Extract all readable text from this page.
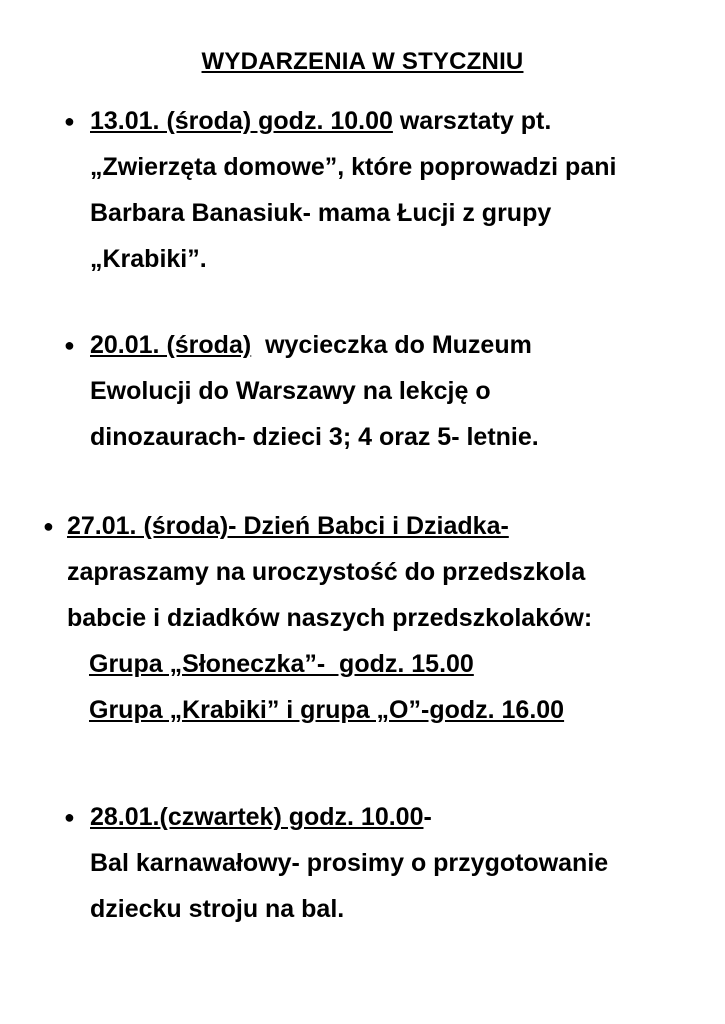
WYDARZENIA W STYCZNIU
● 13.01. (środa) godz. 10.00 warsztaty pt.
„Zwierzęta domowe”, które poprowadzi pani
Barbara Banasiuk- mama Łucji z grupy
„Krabiki”.
● 20.01. (środa)  wycieczka do Muzeum
Ewolucji do Warszawy na lekcję o
dinozaurach- dzieci 3; 4 oraz 5- letnie.
● 27.01. (środa)- Dzień Babci i Dziadka-
zapraszamy na uroczystość do przedszkola
babcie i dziadków naszych przedszkolaków:
Grupa „Słoneczka”-  godz. 15.00
Grupa „Krabiki” i grupa „O”-godz. 16.00
● 28.01.(czwartek) godz. 10.00-
Bal karnawałowy- prosimy o przygotowanie
dziecku stroju na bal.
